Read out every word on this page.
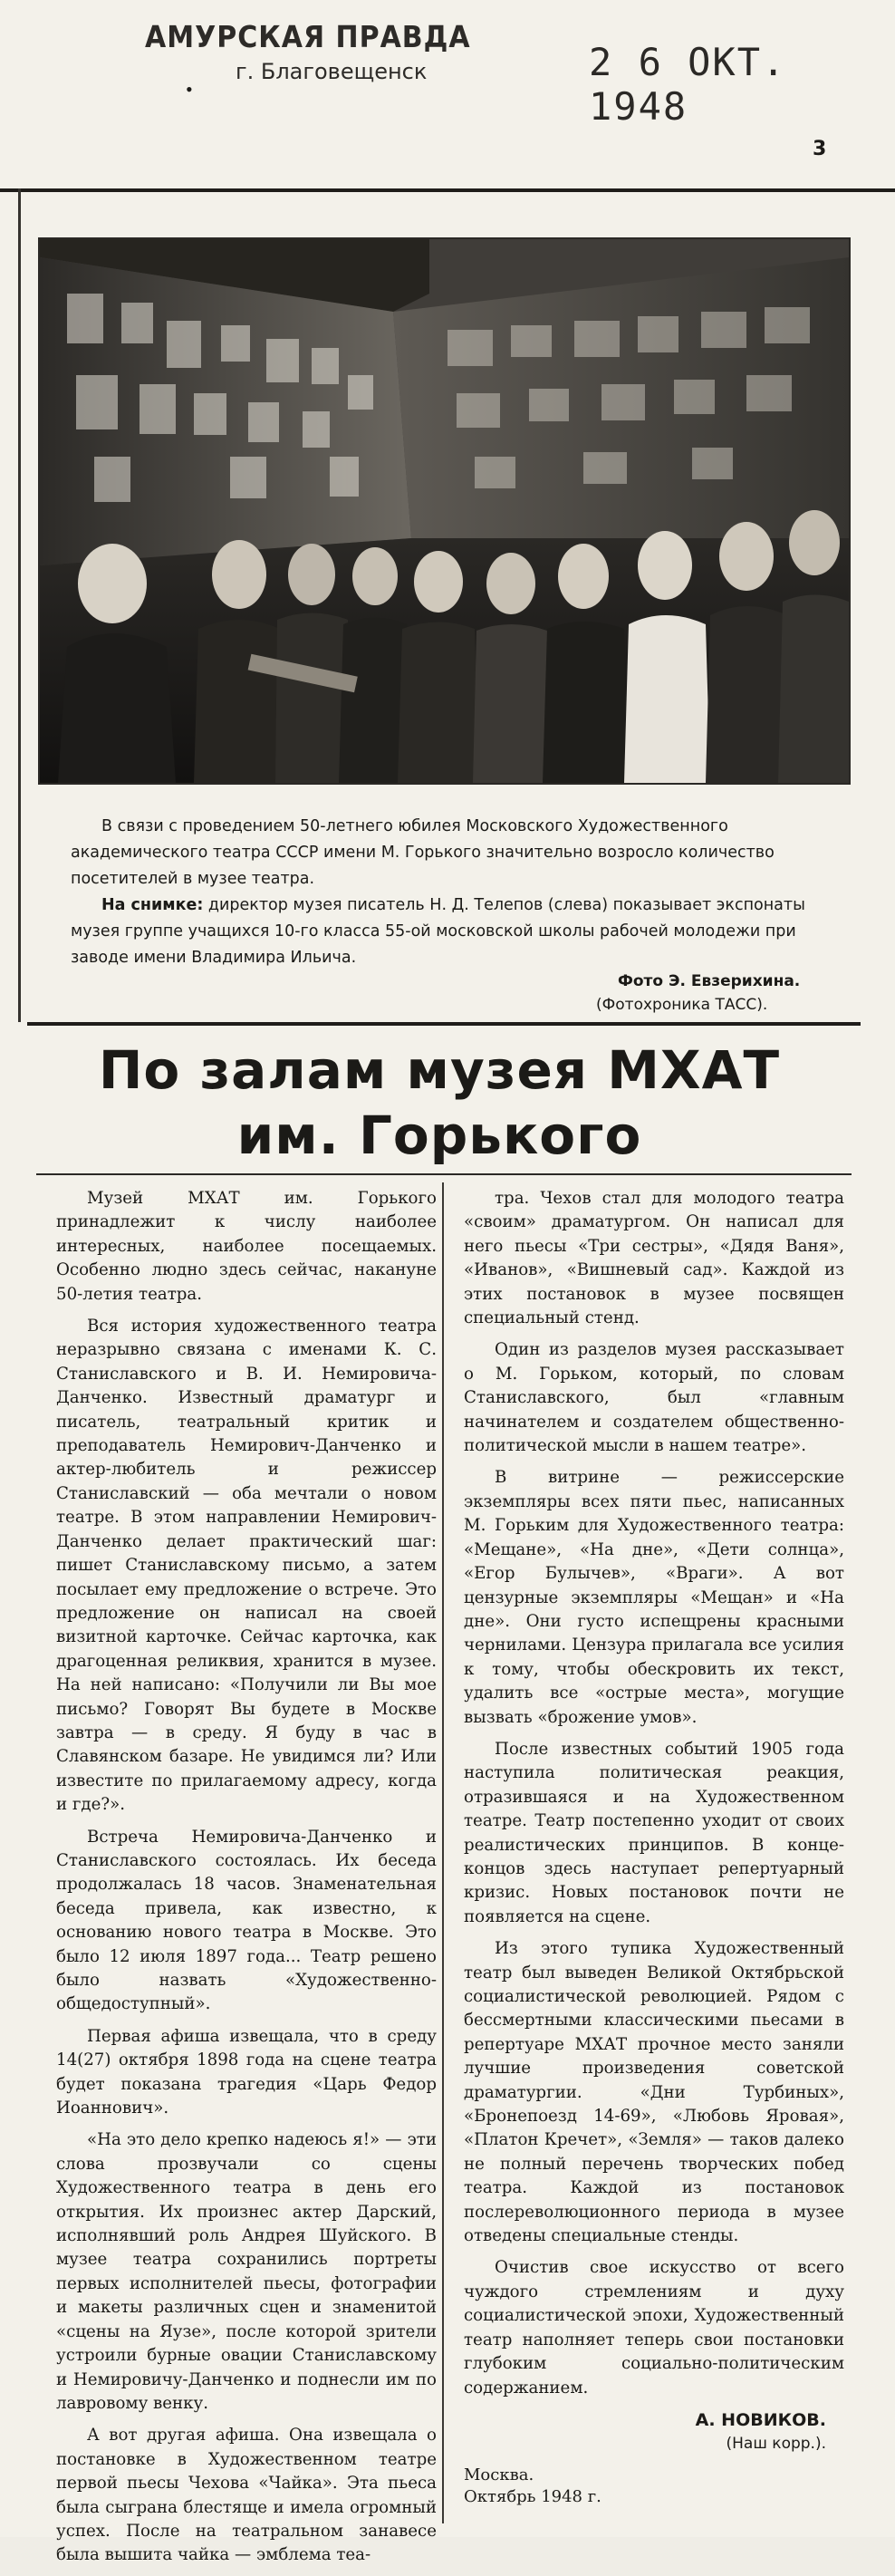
АМУРСКАЯ ПРАВДА
г. Благовещенск
•
2 6 ОКТ. 1948
3

В связи с проведением 50-летнего юбилея Московского Художественного академического театра СССР имени М. Горького значительно возросло количество посетителей в музее театра.

На снимке: директор музея писатель Н. Д. Телепов (слева) показывает экспонаты музея группе учащихся 10-го класса 55-ой московской школы рабочей молодежи при заводе имени Владимира Ильича.

Фото Э. Евзерихина.
(Фотохроника ТАСС).
По залам музея МХАТ
им. Горького

Музей МХАТ им. Горького принадлежит к числу наиболее интересных, наиболее посещаемых. Особенно людно здесь сейчас, накануне 50-летия театра.

Вся история художественного театра неразрывно связана с именами К. С. Станиславского и В. И. Немировича-Данченко. Известный драматург и писатель, театральный критик и преподаватель Немирович-Данченко и актер-любитель и режиссер Станиславский — оба мечтали о новом театре. В этом направлении Немирович-Данченко делает практический шаг: пишет Станиславскому письмо, а затем посылает ему предложение о встрече. Это предложение он написал на своей визитной карточке. Сейчас карточка, как драгоценная реликвия, хранится в музее. На ней написано: «Получили ли Вы мое письмо? Говорят Вы будете в Москве завтра — в среду. Я буду в час в Славянском базаре. Не увидимся ли? Или известите по прилагаемому адресу, когда и где?».

Встреча Немировича-Данченко и Станиславского состоялась. Их беседа продолжалась 18 часов. Знаменательная беседа привела, как известно, к основанию нового театра в Москве. Это было 12 июля 1897 года... Театр решено было назвать «Художественно-общедоступный».

Первая афиша извещала, что в среду 14(27) октября 1898 года на сцене театра будет показана трагедия «Царь Федор Иоаннович».

«На это дело крепко надеюсь я!» — эти слова прозвучали со сцены Художественного театра в день его открытия. Их произнес актер Дарский, исполнявший роль Андрея Шуйского. В музее театра сохранились портреты первых исполнителей пьесы, фотографии и макеты различных сцен и знаменитой «сцены на Яузе», после которой зрители устроили бурные овации Станиславскому и Немировичу-Данченко и поднесли им по лавровому венку.

А вот другая афиша. Она извещала о постановке в Художественном театре первой пьесы Чехова «Чайка». Эта пьеса была сыграна блестяще и имела огромный успех. После на театральном занавесе была вышита чайка — эмблема теа-

тра. Чехов стал для молодого театра «своим» драматургом. Он написал для него пьесы «Три сестры», «Дядя Ваня», «Иванов», «Вишневый сад». Каждой из этих постановок в музее посвящен специальный стенд.

Один из разделов музея рассказывает о М. Горьком, который, по словам Станиславского, был «главным начинателем и создателем общественно-политической мысли в нашем театре».

В витрине — режиссерские экземпляры всех пяти пьес, написанных М. Горьким для Художественного театра: «Мещане», «На дне», «Дети солнца», «Егор Булычев», «Враги». А вот цензурные экземпляры «Мещан» и «На дне». Они густо испещрены красными чернилами. Цензура прилагала все усилия к тому, чтобы обескровить их текст, удалить все «острые места», могущие вызвать «брожение умов».

После известных событий 1905 года наступила политическая реакция, отразившаяся и на Художественном театре. Театр постепенно уходит от своих реалистических принципов. В конце-концов здесь наступает репертуарный кризис. Новых постановок почти не появляется на сцене.

Из этого тупика Художественный театр был выведен Великой Октябрьской социалистической революцией. Рядом с бессмертными классическими пьесами в репертуаре МХАТ прочное место заняли лучшие произведения советской драматургии. «Дни Турбиных», «Бронепоезд 14-69», «Любовь Яровая», «Платон Кречет», «Земля» — таков далеко не полный перечень творческих побед театра. Каждой из постановок послереволюционного периода в музее отведены специальные стенды.

Очистив свое искусство от всего чуждого стремлениям и духу социалистической эпохи, Художественный театр наполняет теперь свои постановки глубоким социально-политическим содержанием.

А. НОВИКОВ.
(Наш корр.).
Москва.
Октябрь 1948 г.
